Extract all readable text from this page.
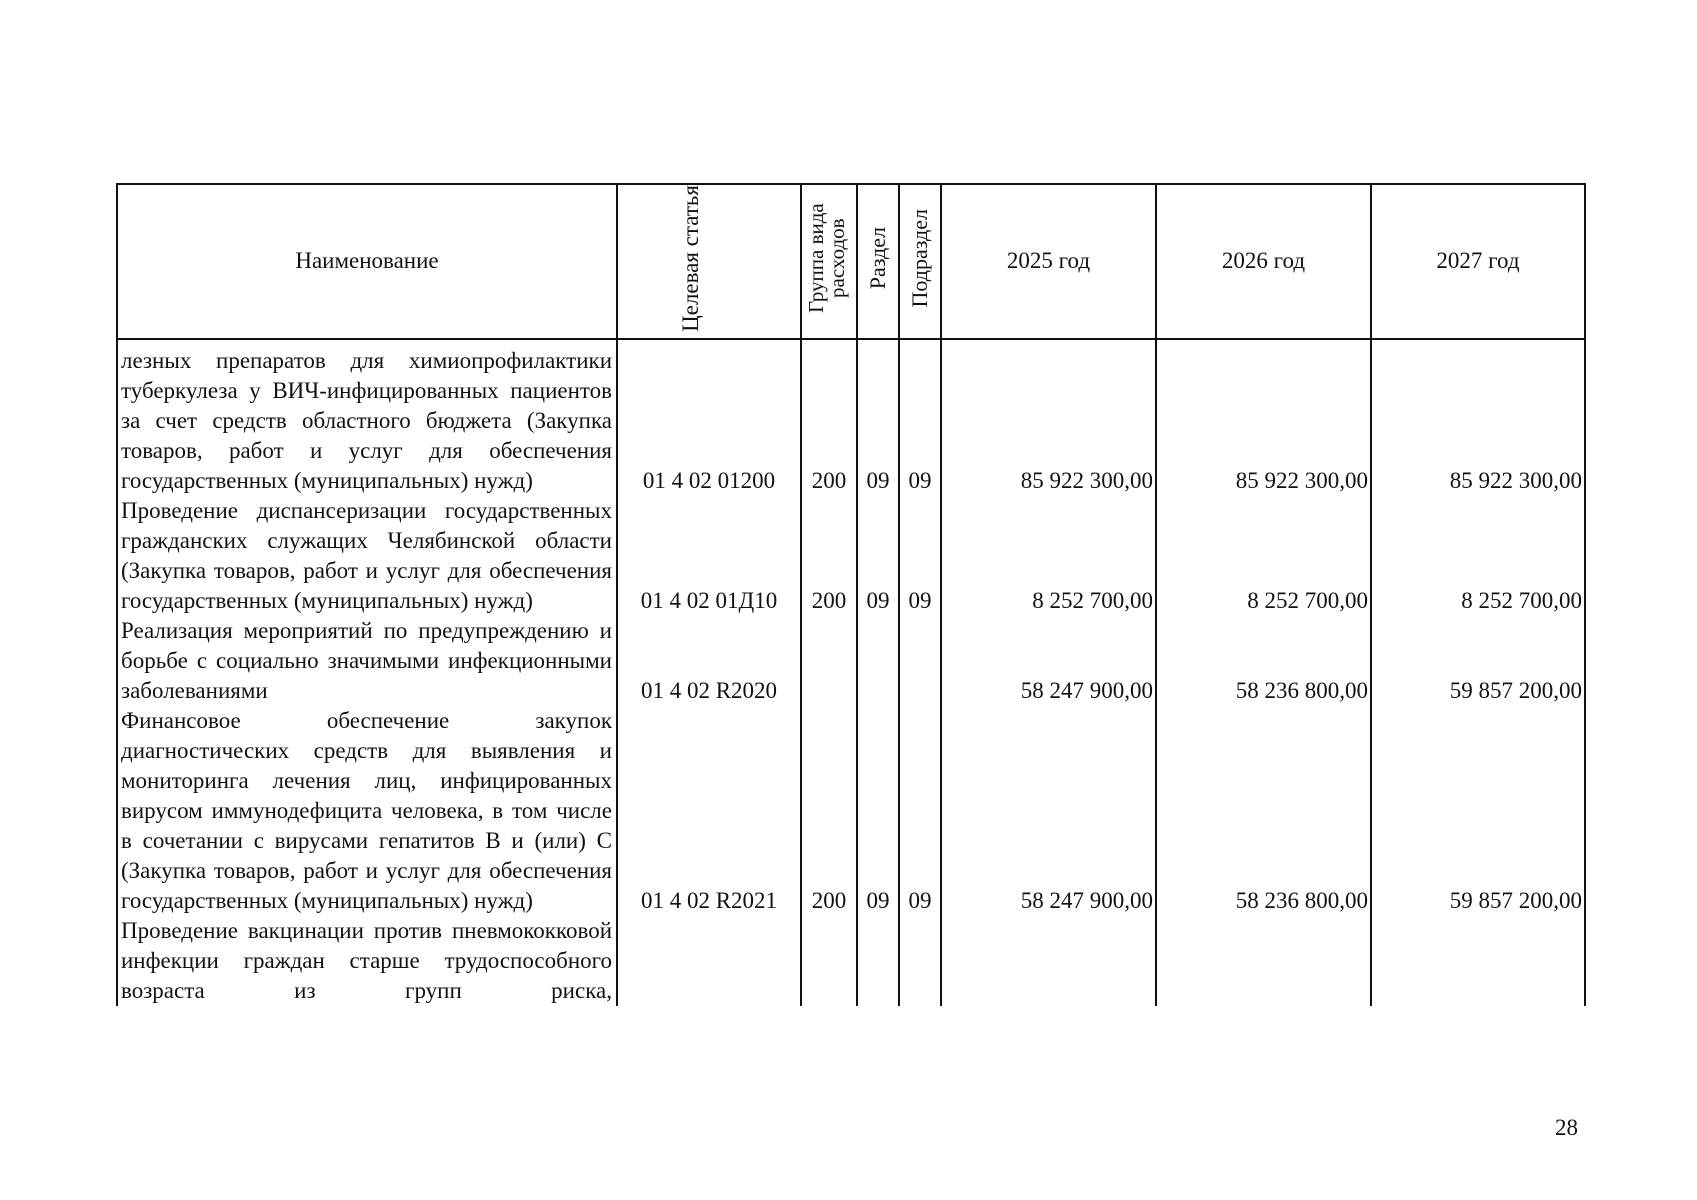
Наименование	Целевая статья	Группа вида расходов	Раздел	Подраздел	2025 год	2026 год	2027 год
лезных препаратов для химиопрофилактики туберкулеза у ВИЧ-инфицированных пациентов за счет средств областного бюджета (Закупка товаров, работ и услуг для обеспечения государственных (муниципальных) нужд)	01 4 02 01200	200	09	09	85 922 300,00	85 922 300,00	85 922 300,00
Проведение диспансеризации государственных гражданских служащих Челябинской области (Закупка товаров, работ и услуг для обеспечения государственных (муниципальных) нужд)	01 4 02 01Д10	200	09	09	8 252 700,00	8 252 700,00	8 252 700,00
Реализация мероприятий по предупреждению и борьбе с социально значимыми инфекционными заболеваниями	01 4 02 R2020				58 247 900,00	58 236 800,00	59 857 200,00
Финансовое обеспечение закупок диагностических средств для выявления и мониторинга лечения лиц, инфицированных вирусом иммунодефицита человека, в том числе в сочетании с вирусами гепатитов B и (или) C (Закупка товаров, работ и услуг для обеспечения государственных (муниципальных) нужд)	01 4 02 R2021	200	09	09	58 247 900,00	58 236 800,00	59 857 200,00
Проведение вакцинации против пневмококковой инфекции граждан старше трудоспособного возраста из групп риска,							
28
